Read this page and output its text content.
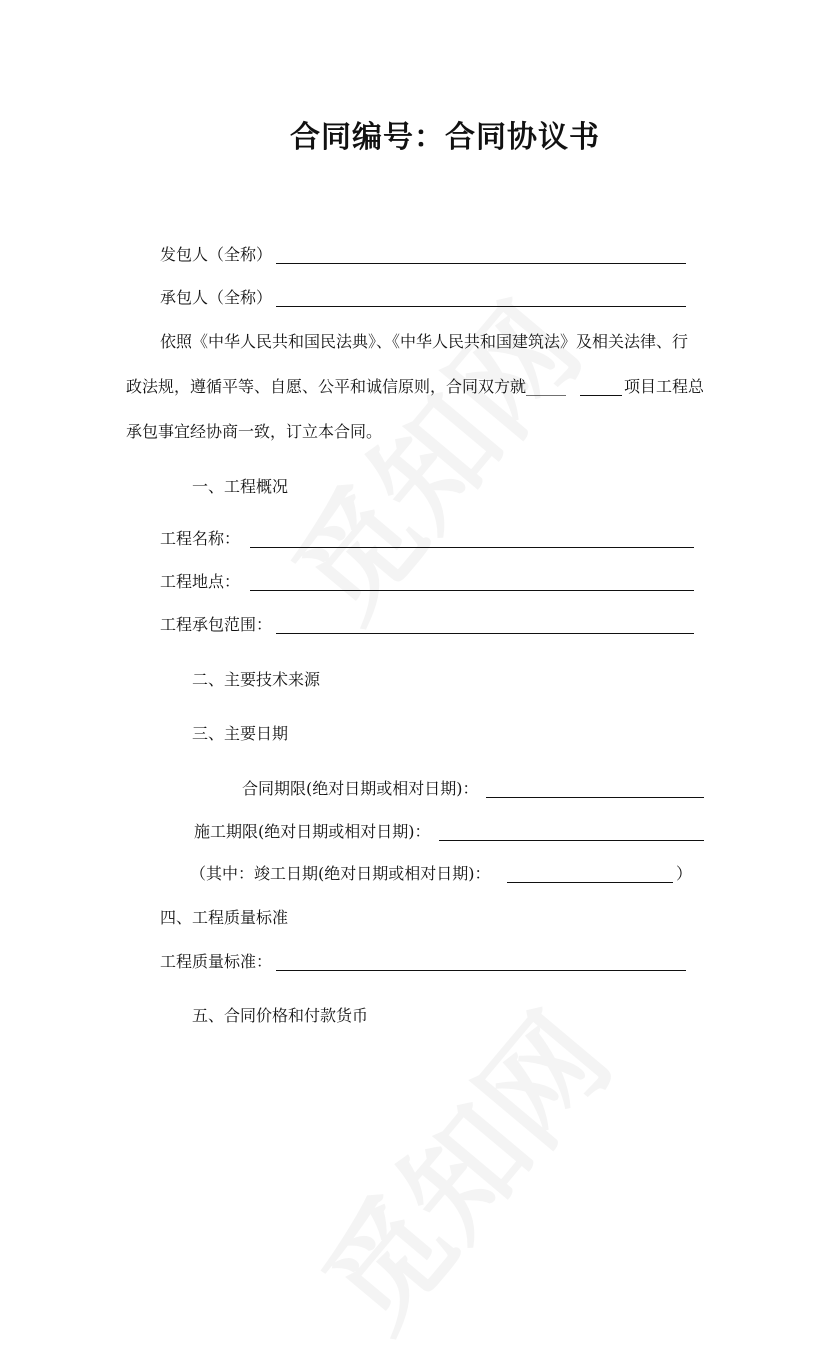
合同编号：合同协议书
发包人（全称）
承包人（全称）
依照《中华人民共和国民法典》、《中华人民共和国建筑法》及相关法律、行
政法规，遵循平等、自愿、公平和诚信原则，合同双方就_____	项目工程总
承包事宜经协商一致，订立本合同。
一、工程概况
工程名称：
工程地点：
工程承包范围：
二、主要技术来源
三、主要日期
合同期限(绝对日期或相对日期)：
施工期限(绝对日期或相对日期)：
（其中：竣工日期(绝对日期或相对日期)：	）
四、工程质量标准
工程质量标准：
五、合同价格和付款货币
